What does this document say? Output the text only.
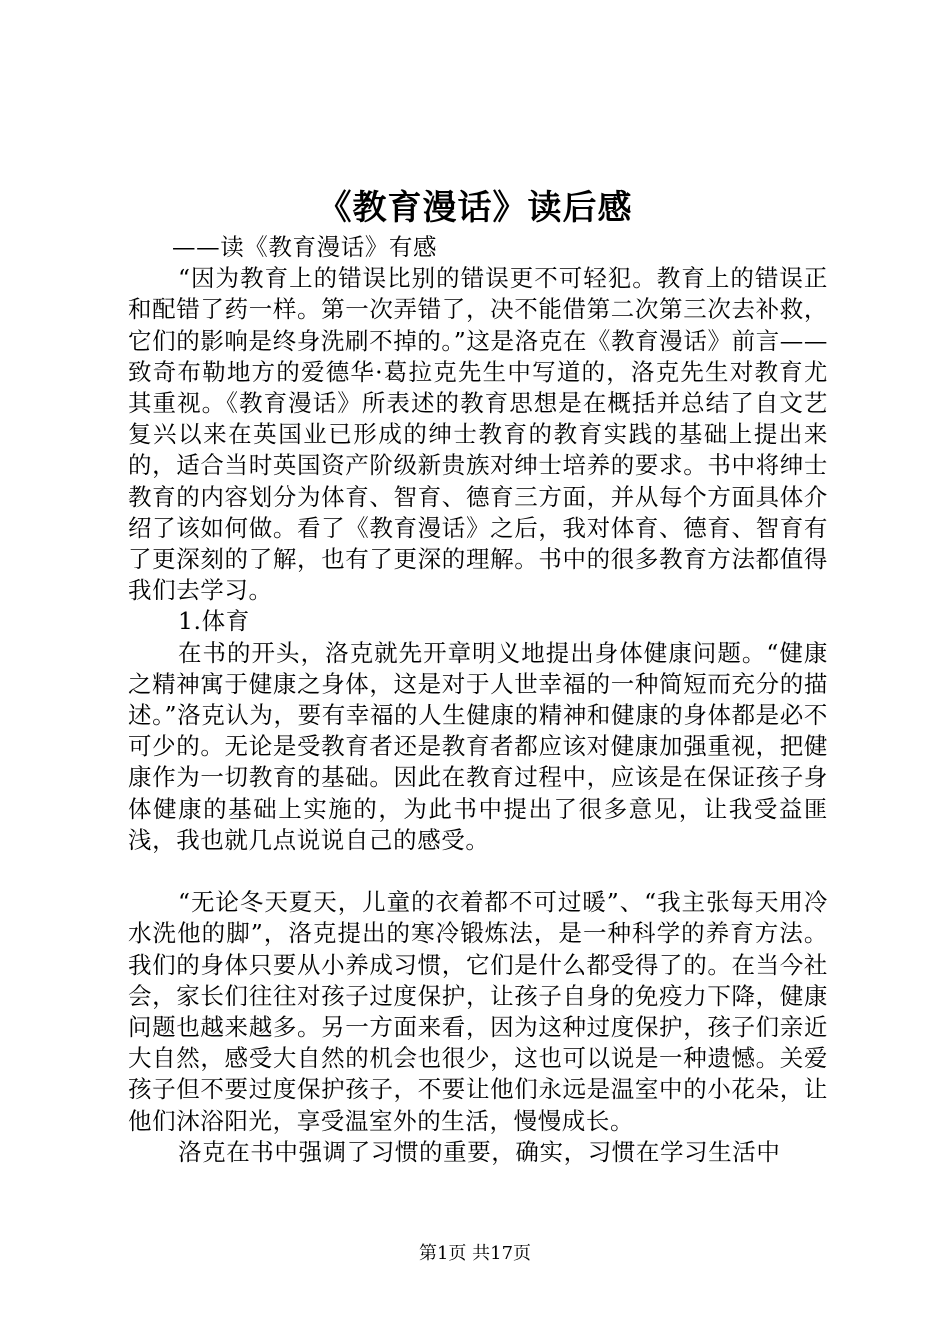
《教育漫话》读后感

——读《教育漫话》有感

“因为教育上的错误比别的错误更不可轻犯。教育上的错误正和配错了药一样。第一次弄错了，决不能借第二次第三次去补救，它们的影响是终身洗刷不掉的。”这是洛克在《教育漫话》前言——致奇布勒地方的爱德华·葛拉克先生中写道的，洛克先生对教育尤其重视。《教育漫话》所表述的教育思想是在概括并总结了自文艺复兴以来在英国业已形成的绅士教育的教育实践的基础上提出来的，适合当时英国资产阶级新贵族对绅士培养的要求。书中将绅士教育的内容划分为体育、智育、德育三方面，并从每个方面具体介绍了该如何做。看了《教育漫话》之后，我对体育、德育、智育有了更深刻的了解，也有了更深的理解。书中的很多教育方法都值得我们去学习。

1.体育

在书的开头，洛克就先开章明义地提出身体健康问题。“健康之精神寓于健康之身体，这是对于人世幸福的一种简短而充分的描述。”洛克认为，要有幸福的人生健康的精神和健康的身体都是必不可少的。无论是受教育者还是教育者都应该对健康加强重视，把健康作为一切教育的基础。因此在教育过程中，应该是在保证孩子身体健康的基础上实施的，为此书中提出了很多意见，让我受益匪浅，我也就几点说说自己的感受。

“无论冬天夏天，儿童的衣着都不可过暖”、“我主张每天用冷水洗他的脚”，洛克提出的寒冷锻炼法，是一种科学的养育方法。我们的身体只要从小养成习惯，它们是什么都受得了的。在当今社会，家长们往往对孩子过度保护，让孩子自身的免疫力下降，健康问题也越来越多。另一方面来看，因为这种过度保护，孩子们亲近大自然，感受大自然的机会也很少，这也可以说是一种遗憾。关爱孩子但不要过度保护孩子，不要让他们永远是温室中的小花朵，让他们沐浴阳光，享受温室外的生活，慢慢成长。

洛克在书中强调了习惯的重要，确实，习惯在学习生活中

第1页 共17页
